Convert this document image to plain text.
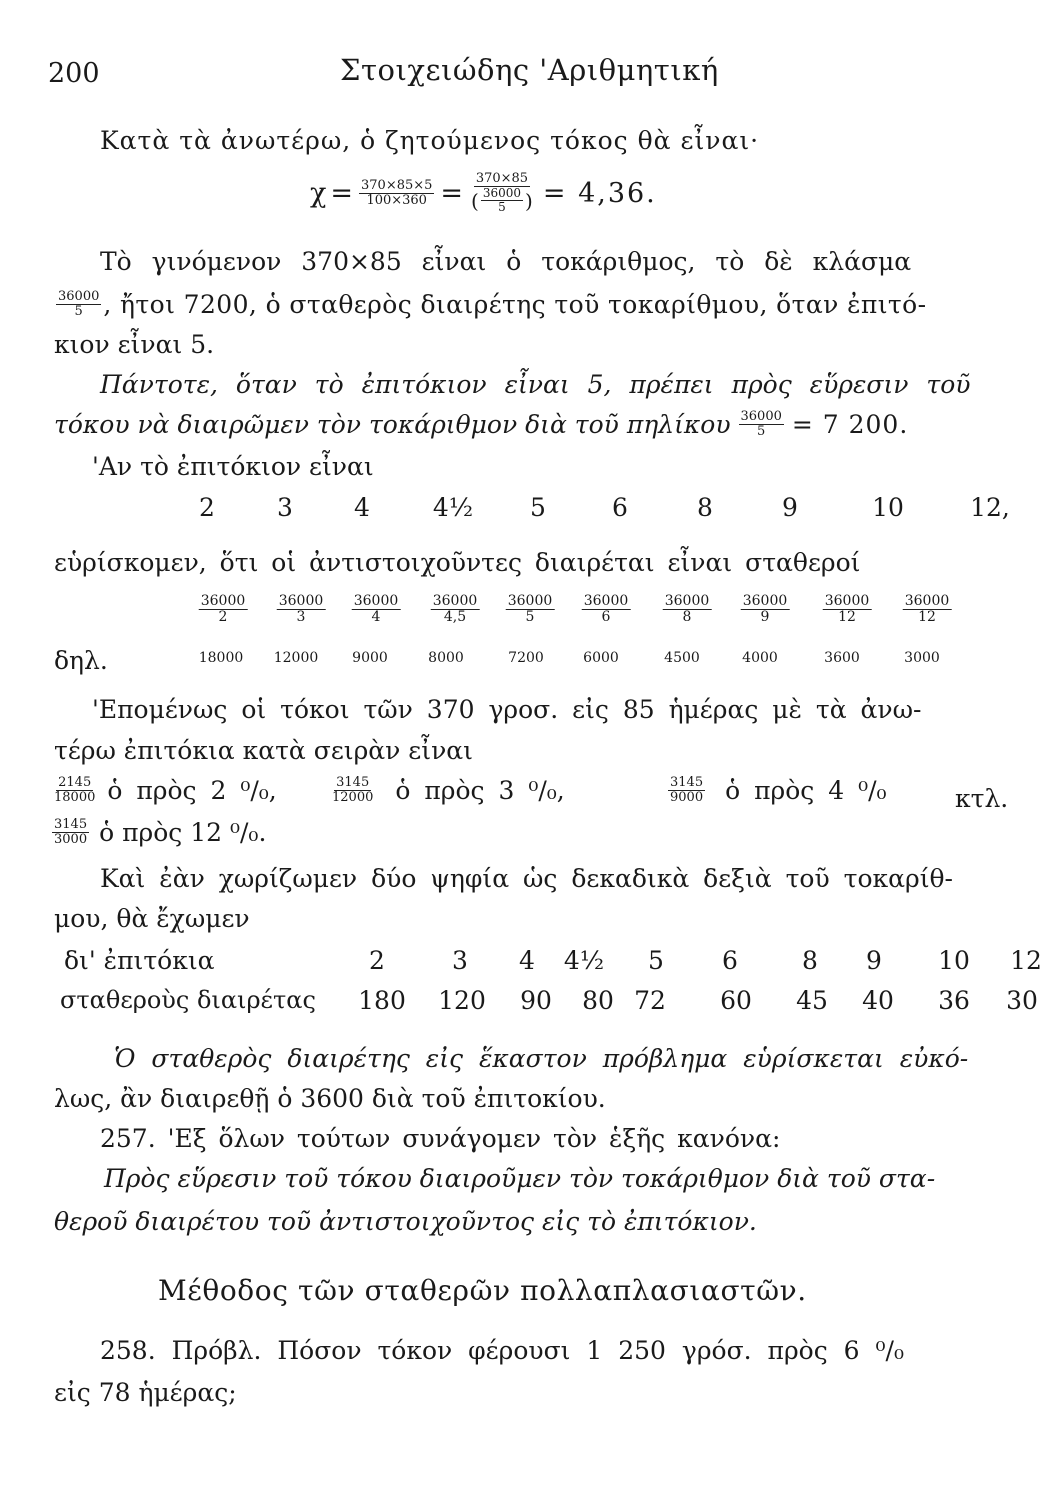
200	Στοιχειώδης 'Αριθμητική
Κατὰ τὰ ἀνωτέρω, ὁ ζητούμενος τόκος θὰ εἶναι·
$\chi = \frac{370\times 85\times 5}{100\times 360} = \frac{370\times 85}{( \frac{36000}{5} )} = 4,36$.
Τὸ γινόμενον 370×85 εἶναι ὁ τοκάριθμος, τὸ δὲ κλάσμα
$\frac{36000}{5}$ , ἤτοι 7200, ὁ σταθερὸς διαιρέτης τοῦ τοκαρίθμου, ὅταν ἐπιτό-
κιον εἶναι 5.
Πάντοτε, ὅταν τὸ ἐπιτόκιον εἶναι 5, πρέπει πρὸς εὕρεσιν τοῦ
τόκου νὰ διαιρῶμεν τὸν τοκάριθμον διὰ τοῦ πηλίκου $\frac{36000}{5} = 7$ 200.
'Αν τὸ ἐπιτόκιον εἶναι
2 3 4	4½ 5	6	8	9	10	12,
εὑρίσκομεν, ὅτι οἱ ἀντιστοιχοῦντες διαιρέται εἶναι σταθεροί
$\frac{36000}{2} \frac{36000}{3} \frac{36000}{4} \frac{36000}{4,5} \frac{36000}{5} \frac{36000}{6} \frac{36000}{8} \frac{36000}{9} \frac{36000}{12} \frac{36000}{12}$
δηλ.	18000 12000 9000	8000	7200	6000	4500	4000	3600	3000
'Επομένως οἱ τόκοι τῶν 370 γροσ. εἰς 85 ἡμέρας μὲ τὰ ἀνω-
τέρω ἐπιτόκια κατὰ σειρὰν εἶναι
$\frac{2145}{18000}$ ὁ πρὸς 2 ⁰/₀,	$\frac{3145}{12000}$ ὁ πρὸς 3 ⁰/₀,	$\frac{3145}{9000}$ ὁ πρὸς 4 ⁰/₀	κτλ.
$\frac{3145}{3000}$ ὁ πρὸς 12 ⁰/₀.
Καὶ ἐὰν χωρίζωμεν δύο ψηφία ὡς δεκαδικὰ δεξιὰ τοῦ τοκαρίθ-
μου, θὰ ἔχωμεν
δι' ἐπιτόκια	2	3 4 4½ 5 6	8 9 10 12
σταθεροὺς διαιρέτας 180 120 90 80 72 60 45 40 36 30
Ὁ σταθερὸς διαιρέτης εἰς ἕκαστον πρόβλημα εὑρίσκεται εὐκό-
λως, ἂν διαιρεθῇ ὁ 3600 διὰ τοῦ ἐπιτοκίου.
257. 'Εξ ὅλων τούτων συνάγομεν τὸν ἑξῆς κανόνα:
Πρὸς εὕρεσιν τοῦ τόκου διαιροῦμεν τὸν τοκάριθμον διὰ τοῦ στα-
θεροῦ διαιρέτου τοῦ ἀντιστοιχοῦντος εἰς τὸ ἐπιτόκιον.
Μέθοδος τῶν σταθερῶν πολλαπλασιαστῶν.
258. Πρόβλ. Πόσον τόκον φέρουσι 1 250 γρόσ. πρὸς 6 ⁰/₀
εἰς 78 ἡμέρας;
